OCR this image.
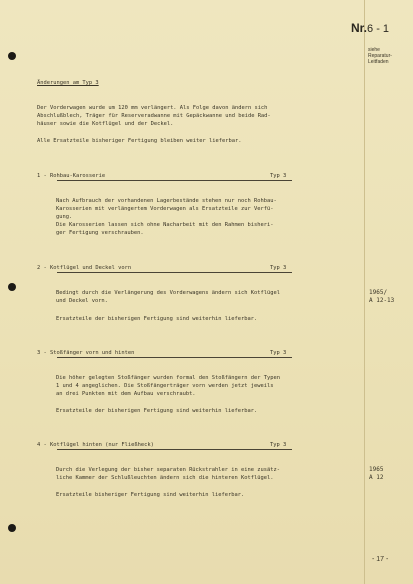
Nr.6 - 1
siehe
Reparatur-
Leitfaden
Änderungen am Typ 3
Der Vorderwagen wurde um 120 mm verlängert. Als Folge davon ändern sich
Abschlußblech, Träger für Reserveradwanne mit Gepäckwanne und beide Rad-
häuser sowie die Kotflügel und der Deckel.
Alle Ersatzteile bisheriger Fertigung bleiben weiter lieferbar.
1 - Rohbau-Karosserie	Typ 3
Nach Aufbrauch der vorhandenen Lagerbestände stehen nur noch Rohbau-
Karosserien mit verlängertem Vorderwagen als Ersatzteile zur Verfü-
gung.
Die Karosserien lassen sich ohne Nacharbeit mit den Rahmen bisheri-
ger Fertigung verschrauben.
2 - Kotflügel und Deckel vorn	Typ 3
Bedingt durch die Verlängerung des Vorderwagens ändern sich Kotflügel
und Deckel vorn.
Ersatzteile der bisherigen Fertigung sind weiterhin lieferbar.
1965/
A 12-13
3 - Stoßfänger vorn und hinten	Typ 3
Die höher gelegten Stoßfänger wurden formal den Stoßfängern der Typen
1 und 4 angeglichen. Die Stoßfängerträger vorn werden jetzt jeweils
an drei Punkten mit dem Aufbau verschraubt.
Ersatzteile der bisherigen Fertigung sind weiterhin lieferbar.
4 - Kotflügel hinten (nur Fließheck)	Typ 3
Durch die Verlegung der bisher separaten Rückstrahler in eine zusätz-
liche Kammer der Schlußleuchten ändern sich die hinteren Kotflügel.
Ersatzteile bisheriger Fertigung sind weiterhin lieferbar.
1965
A 12
- 17 -
